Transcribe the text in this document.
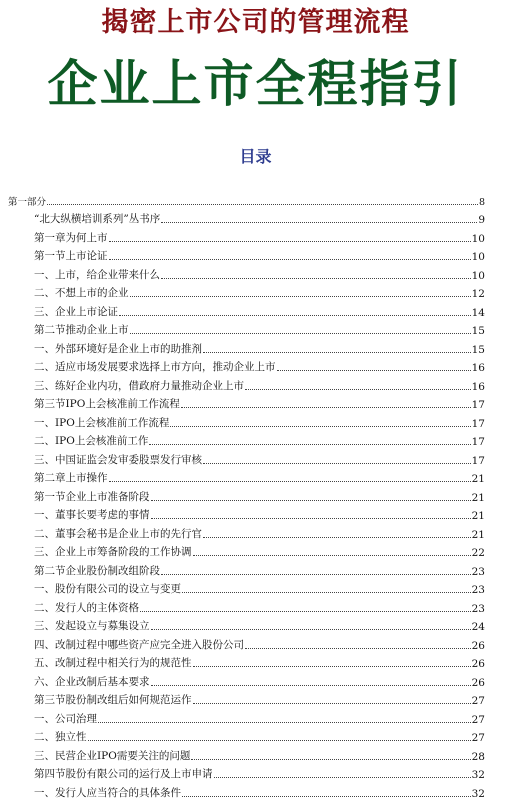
揭密上市公司的管理流程
企业上市全程指引
目录
第一部分	8
“北大纵横培训系列”丛书序	9
第一章为何上市	10
第一节上市论证	10
一、上市，给企业带来什么	10
二、不想上市的企业	12
三、企业上市论证	14
第二节推动企业上市	15
一、外部环境好是企业上市的助推剂	15
二、适应市场发展要求选择上市方向，推动企业上市	16
三、练好企业内功，借政府力量推动企业上市	16
第三节IPO上会核准前工作流程	17
一、IPO上会核准前工作流程	17
二、IPO上会核准前工作	17
三、中国证监会发审委股票发行审核	17
第二章上市操作	21
第一节企业上市准备阶段	21
一、董事长要考虑的事情	21
二、董事会秘书是企业上市的先行官	21
三、企业上市筹备阶段的工作协调	22
第二节企业股份制改组阶段	23
一、股份有限公司的设立与变更	23
二、发行人的主体资格	23
三、发起设立与募集设立	24
四、改制过程中哪些资产应完全进入股份公司	26
五、改制过程中相关行为的规范性	26
六、企业改制后基本要求	26
第三节股份制改组后如何规范运作	27
一、公司治理	27
二、独立性	27
三、民营企业IPO需要关注的问题	28
第四节股份有限公司的运行及上市申请	32
一、发行人应当符合的具体条件	32
